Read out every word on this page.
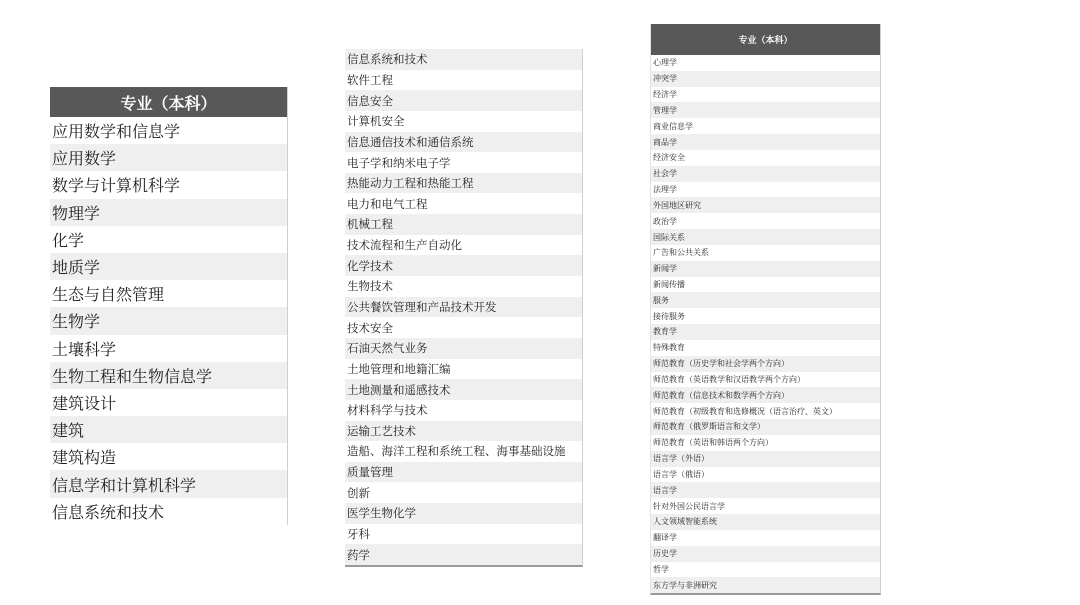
专业（本科）
应用数学和信息学
应用数学
数学与计算机科学
物理学
化学
地质学
生态与自然管理
生物学
土壤科学
生物工程和生物信息学
建筑设计
建筑
建筑构造
信息学和计算机科学
信息系统和技术
信息系统和技术
软件工程
信息安全
计算机安全
信息通信技术和通信系统
电子学和纳米电子学
热能动力工程和热能工程
电力和电气工程
机械工程
技术流程和生产自动化
化学技术
生物技术
公共餐饮管理和产品技术开发
技术安全
石油天然气业务
土地管理和地籍汇编
土地测量和遥感技术
材料科学与技术
运输工艺技术
造船、海洋工程和系统工程、海事基础设施
质量管理
创新
医学生物化学
牙科
药学
专业（本科）
心理学
冲突学
经济学
管理学
商业信息学
商品学
经济安全
社会学
法理学
外国地区研究
政治学
国际关系
广告和公共关系
新闻学
新闻传播
服务
接待服务
教育学
特殊教育
师范教育（历史学和社会学两个方向）
师范教育（英语教学和汉语教学两个方向）
师范教育（信息技术和数学两个方向）
师范教育（初级教育和选修概况（语言治疗、英文）
师范教育（俄罗斯语言和文学）
师范教育（英语和韩语两个方向）
语言学（外语）
语言学（俄语）
语言学
针对外国公民语言学
人文领域智能系统
翻译学
历史学
哲学
东方学与非洲研究
